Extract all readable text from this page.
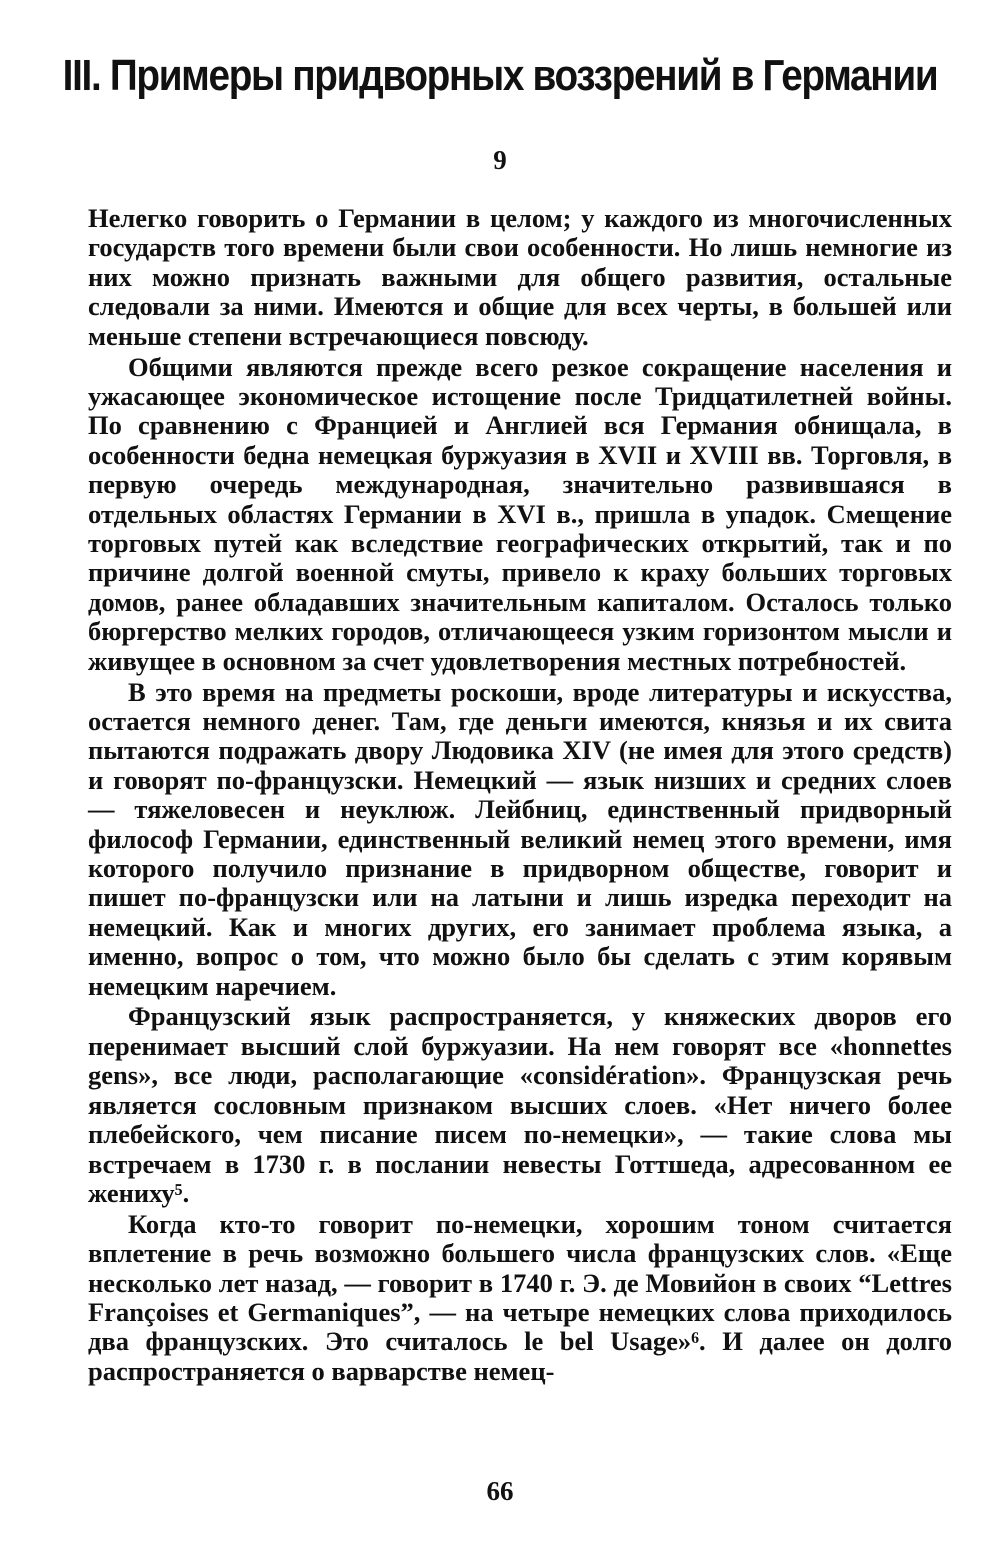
III. Примеры придворных воззрений в Германии
9

Нелегко говорить о Германии в целом; у каждого из многочисленных государств того времени были свои особенности. Но лишь немногие из них можно признать важными для общего развития, остальные следовали за ними. Имеются и общие для всех черты, в большей или меньше степени встречающиеся повсюду.

Общими являются прежде всего резкое сокращение населения и ужасающее экономическое истощение после Тридцатилетней войны. По сравнению с Францией и Англией вся Германия обнищала, в особенности бедна немецкая буржуазия в XVII и XVIII вв. Торговля, в первую очередь международная, значительно развившаяся в отдельных областях Германии в XVI в., пришла в упадок. Смещение торговых путей как вследствие географических открытий, так и по причине долгой военной смуты, привело к краху больших торговых домов, ранее обладавших значительным капиталом. Осталось только бюргерство мелких городов, отличающееся узким горизонтом мысли и живущее в основном за счет удовлетворения местных потребностей.

В это время на предметы роскоши, вроде литературы и искусства, остается немного денег. Там, где деньги имеются, князья и их свита пытаются подражать двору Людовика XIV (не имея для этого средств) и говорят по-французски. Немецкий — язык низших и средних слоев — тяжеловесен и неуклюж. Лейбниц, единственный придворный философ Германии, единственный великий немец этого времени, имя которого получило признание в придворном обществе, говорит и пишет по-французски или на латыни и лишь изредка переходит на немецкий. Как и многих других, его занимает проблема языка, а именно, вопрос о том, что можно было бы сделать с этим корявым немецким наречием.

Французский язык распространяется, у княжеских дворов его перенимает высший слой буржуазии. На нем говорят все «honnettes gens», все люди, располагающие «considération». Французская речь является сословным признаком высших слоев. «Нет ничего более плебейского, чем писание писем по-немецки», — такие слова мы встречаем в 1730 г. в послании невесты Готтшеда, адресованном ее жениху⁵.

Когда кто-то говорит по-немецки, хорошим тоном считается вплетение в речь возможно большего числа французских слов. «Еще несколько лет назад, — говорит в 1740 г. Э. де Мовийон в своих “Lettres Françoises et Germaniques”, — на четыре немецких слова приходилось два французских. Это считалось le bel Usage»⁶. И далее он долго распространяется о варварстве немец-

66
